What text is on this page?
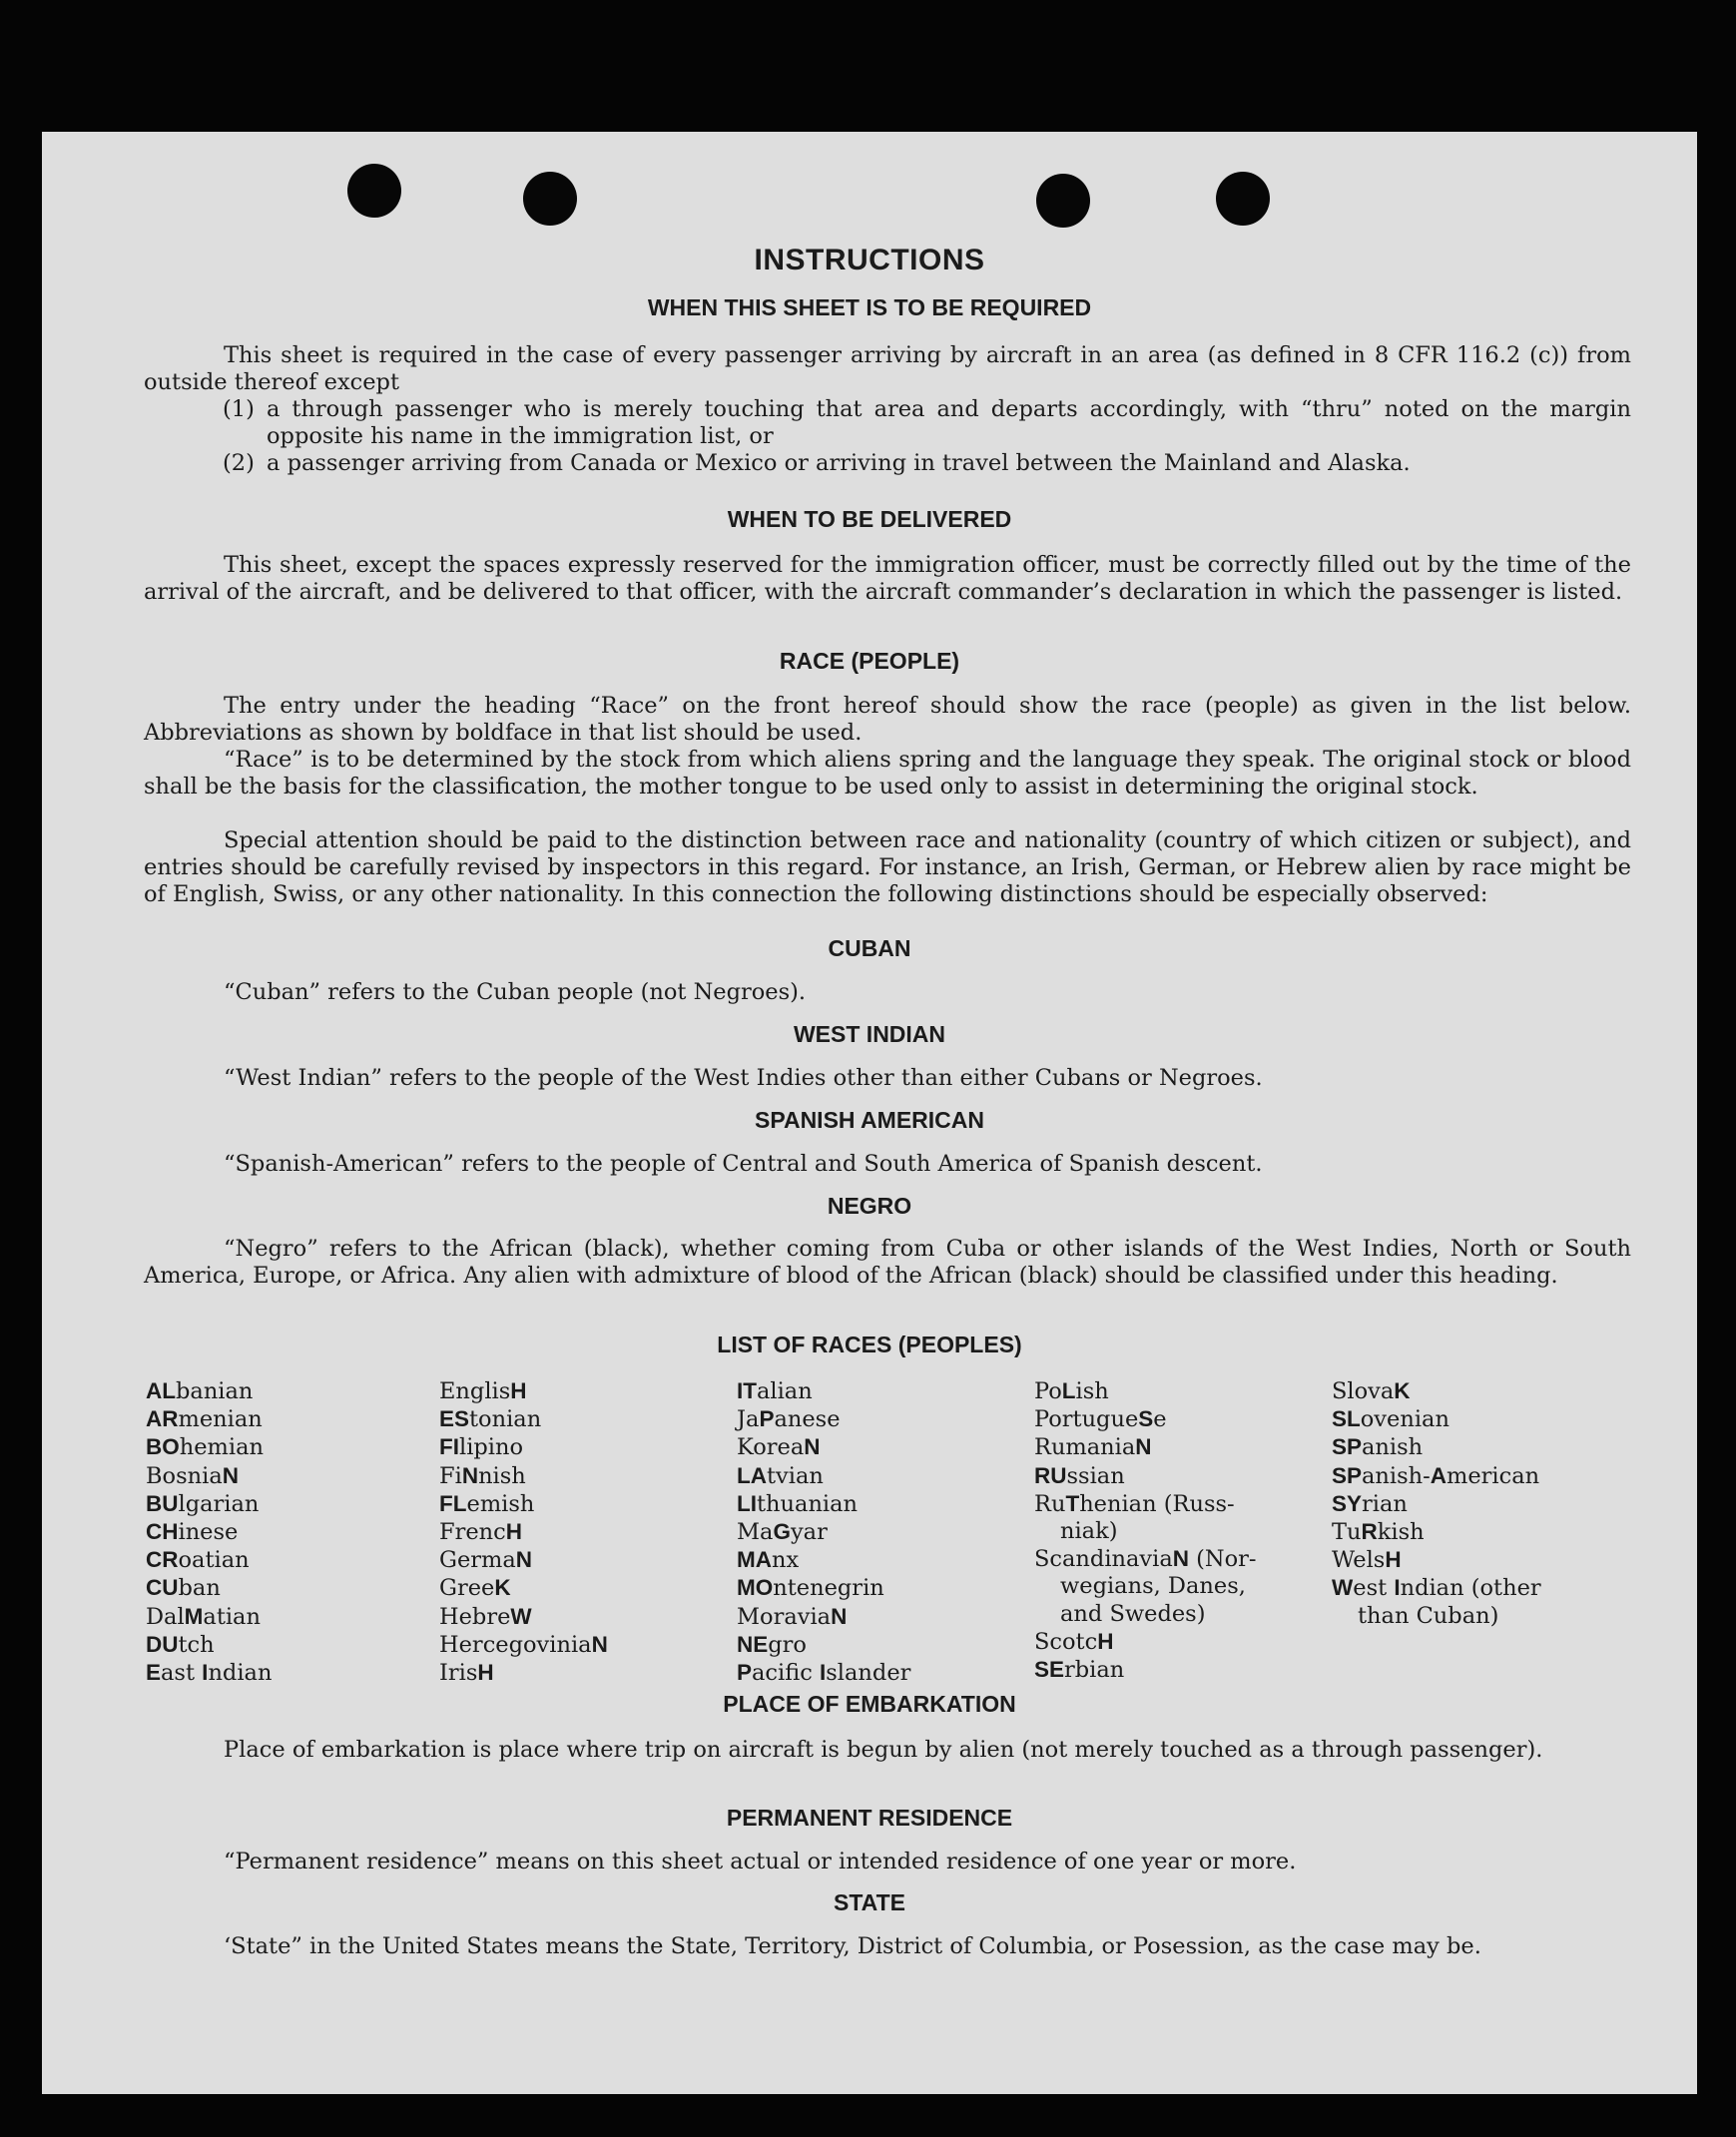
INSTRUCTIONS
WHEN THIS SHEET IS TO BE REQUIRED
This sheet is required in the case of every passenger arriving by aircraft in an area (as defined in 8 CFR 116.2 (c)) from outside thereof except
(1) a through passenger who is merely touching that area and departs accordingly, with “thru” noted on the margin opposite his name in the immigration list, or
(2) a passenger arriving from Canada or Mexico or arriving in travel between the Mainland and Alaska.
WHEN TO BE DELIVERED
This sheet, except the spaces expressly reserved for the immigration officer, must be correctly filled out by the time of the arrival of the aircraft, and be delivered to that officer, with the aircraft commander’s declaration in which the passenger is listed.
RACE (PEOPLE)
The entry under the heading “Race” on the front hereof should show the race (people) as given in the list below. Abbreviations as shown by boldface in that list should be used.
“Race” is to be determined by the stock from which aliens spring and the language they speak. The original stock or blood shall be the basis for the classification, the mother tongue to be used only to assist in determining the original stock.
Special attention should be paid to the distinction between race and nationality (country of which citizen or subject), and entries should be carefully revised by inspectors in this regard. For instance, an Irish, German, or Hebrew alien by race might be of English, Swiss, or any other nationality. In this connection the following distinctions should be especially observed:
CUBAN
“Cuban” refers to the Cuban people (not Negroes).
WEST INDIAN
“West Indian” refers to the people of the West Indies other than either Cubans or Negroes.
SPANISH AMERICAN
“Spanish-American” refers to the people of Central and South America of Spanish descent.
NEGRO
“Negro” refers to the African (black), whether coming from Cuba or other islands of the West Indies, North or South America, Europe, or Africa. Any alien with admixture of blood of the African (black) should be classified under this heading.
LIST OF RACES (PEOPLES)
ALbanian
ARmenian
BOhemian
BosniaN
BUlgarian
CHinese
CRoatian
CUban
DalMatian
DUtch
East Indian
EnglisH
EStonian
FIlipino
FiNnish
FLemish
FrencH
GermaN
GreeK
HebreW
HercegoviniaN
IrisH
ITalian
JaPanese
KoreaN
LAtvian
LIthuanian
MaGyar
MAnx
MOntenegrin
MoraviaN
NEgro
Pacific Islander
PoLish
PortugueSe
RumaniaN
RUssian
RuThenian (Russ-
niak)
ScandinaviaN (Nor-
wegians, Danes,
and Swedes)
ScotcH
SErbian
SlovaK
SLovenian
SPanish
SPanish-American
SYrian
TuRkish
WelsH
West Indian (other
than Cuban)
PLACE OF EMBARKATION
Place of embarkation is place where trip on aircraft is begun by alien (not merely touched as a through passenger).
PERMANENT RESIDENCE
“Permanent residence” means on this sheet actual or intended residence of one year or more.
STATE
‘State” in the United States means the State, Territory, District of Columbia, or Posession, as the case may be.
